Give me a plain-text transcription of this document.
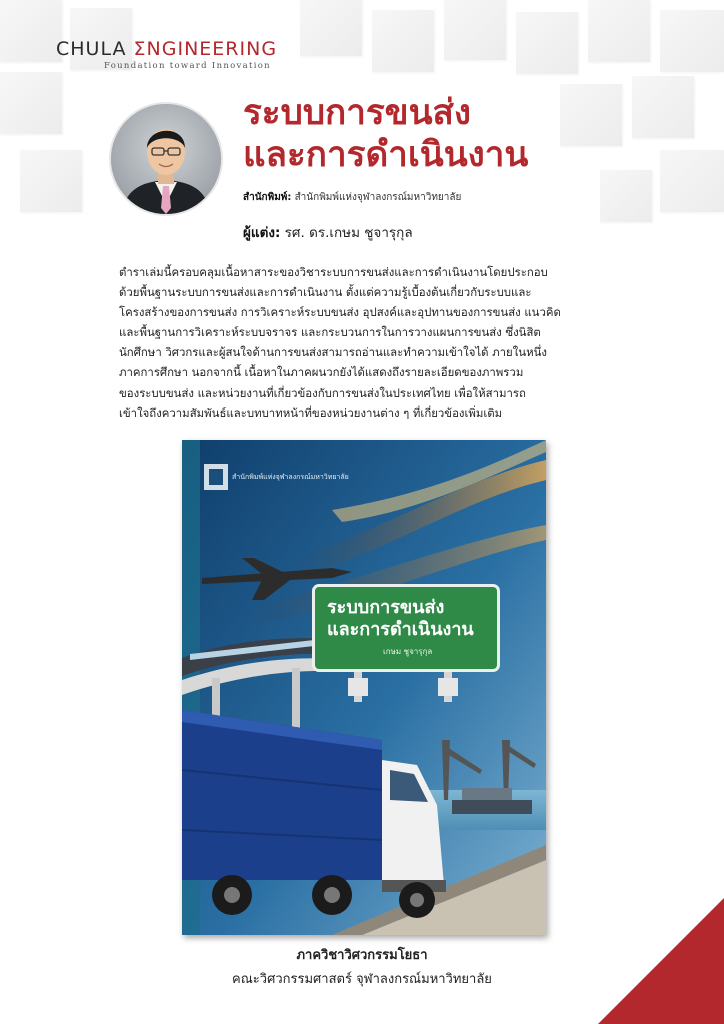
CHULA ΣNGINEERING
Foundation toward Innovation
ระบบการขนส่ง
และการดำเนินงาน
สำนักพิมพ์: สำนักพิมพ์แห่งจุฬาลงกรณ์มหาวิทยาลัย
ผู้แต่ง: รศ. ดร.เกษม ชูจารุกุล
ตำราเล่มนี้ครอบคลุมเนื้อหาสาระของวิชาระบบการขนส่งและการดำเนินงานโดยประกอบ
ด้วยพื้นฐานระบบการขนส่งและการดำเนินงาน ตั้งแต่ความรู้เบื้องต้นเกี่ยวกับระบบและ
โครงสร้างของการขนส่ง การวิเคราะห์ระบบขนส่ง อุปสงค์และอุปทานของการขนส่ง แนวคิด
และพื้นฐานการวิเคราะห์ระบบจราจร และกระบวนการในการวางแผนการขนส่ง ซึ่งนิสิต
นักศึกษา วิศวกรและผู้สนใจด้านการขนส่งสามารถอ่านและทำความเข้าใจได้ ภายในหนึ่ง
ภาคการศึกษา นอกจากนี้ เนื้อหาในภาคผนวกยังได้แสดงถึงรายละเอียดของภาพรวม
ของระบบขนส่ง และหน่วยงานที่เกี่ยวข้องกับการขนส่งในประเทศไทย เพื่อให้สามารถ
เข้าใจถึงความสัมพันธ์และบทบาทหน้าที่ของหน่วยงานต่าง ๆ ที่เกี่ยวข้องเพิ่มเติม
สำนักพิมพ์แห่งจุฬาลงกรณ์มหาวิทยาลัย
ระบบการขนส่ง
และการดำเนินงาน
เกษม ชูจารุกุล
ภาควิชาวิศวกรรมโยธา
คณะวิศวกรรมศาสตร์ จุฬาลงกรณ์มหาวิทยาลัย
